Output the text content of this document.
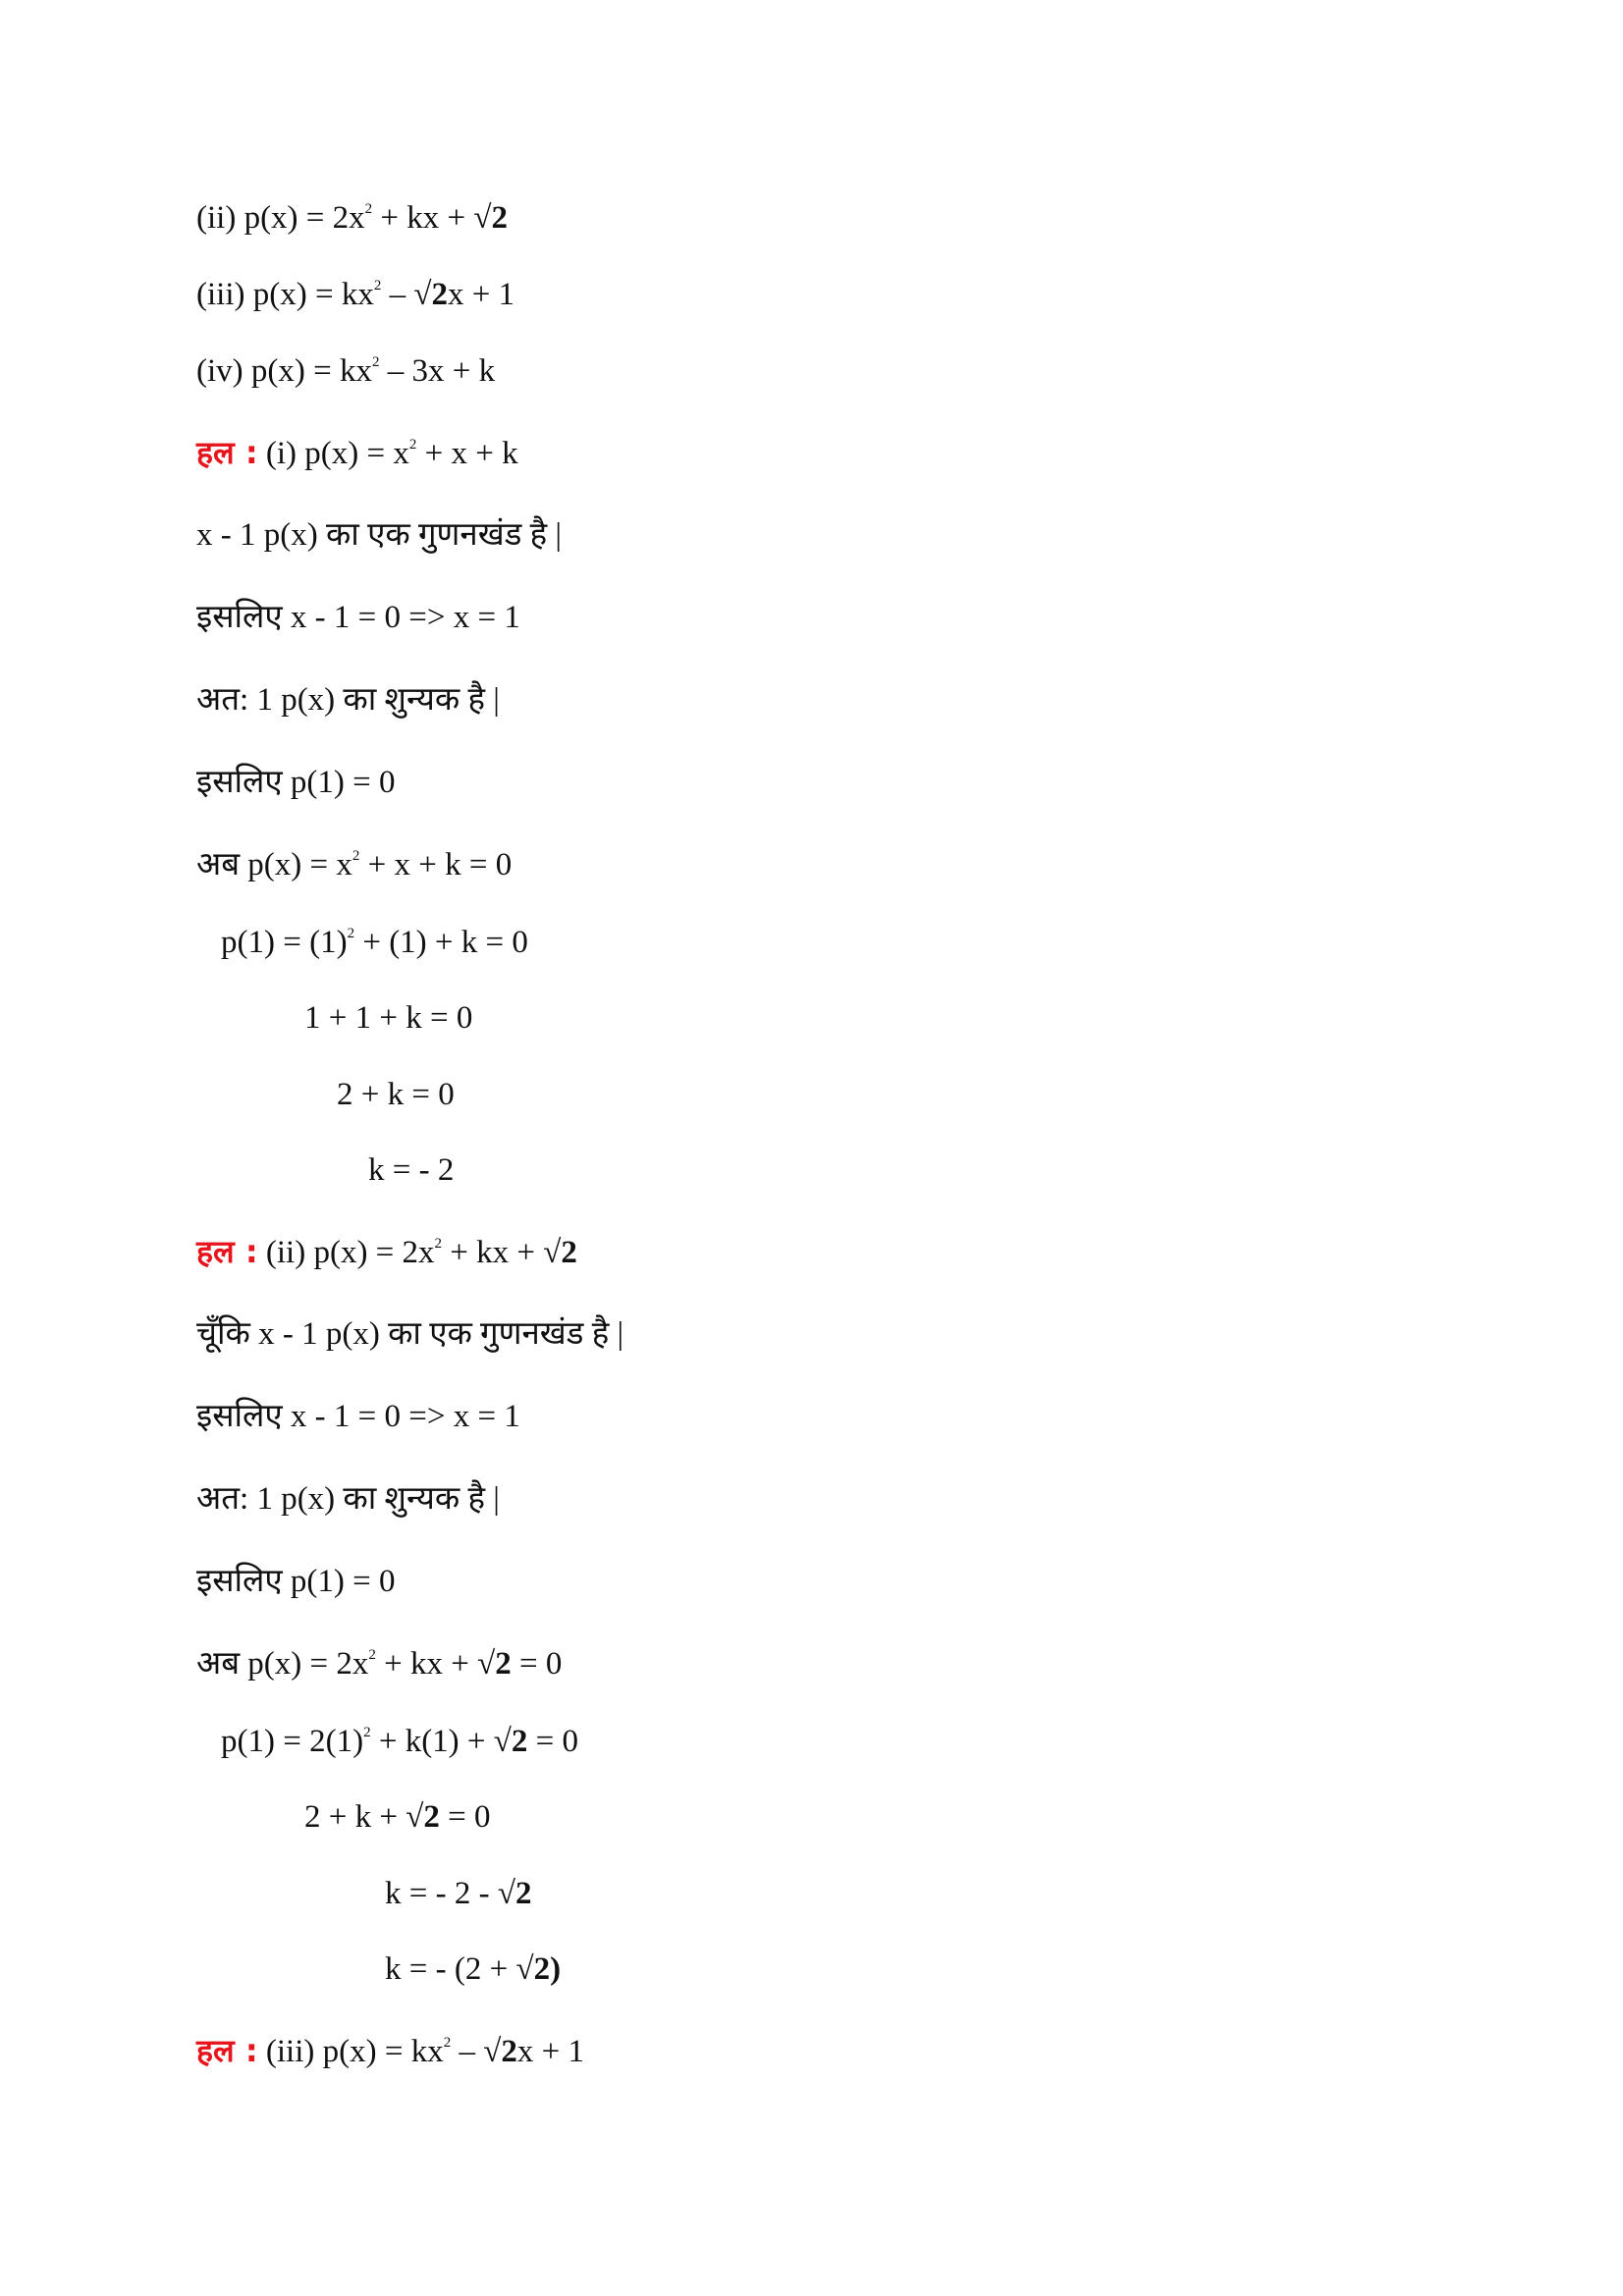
(ii) $p(x) = 2x^2$ + kx + √2
(iii) $p(x) = kx^2 - √2x + 1$
(iv) $p(x) = kx^2 - 3x + k$
हल : (i) $p(x) = x^2 + x + k$
x - 1 p(x) का एक गुणनखंड है |
इसलिए x - 1 = 0 => x = 1
अत: 1 p(x) का शुन्यक है |
इसलिए p(1) = 0
अब $p(x) = x^2 + x + k = 0$
$p(1) = (1)^2 + (1) + k = 0$
1 + 1 + k = 0
2 + k = 0
k = - 2
हल : (ii) $p(x) = 2x^2$ + kx + √2
चूँकि x - 1 p(x) का एक गुणनखंड है |
इसलिए x - 1 = 0 => x = 1
अत: 1 p(x) का शुन्यक है |
इसलिए p(1) = 0
अब $p(x) = 2x^2$ + kx + √2 = 0
$p(1) = 2(1)^2 + k(1) + √2 = 0$
2 + k + √2 = 0
k = - 2 - √2
k = - (2 + √2)
हल : (iii) $p(x) = kx^2 - √2x + 1$
